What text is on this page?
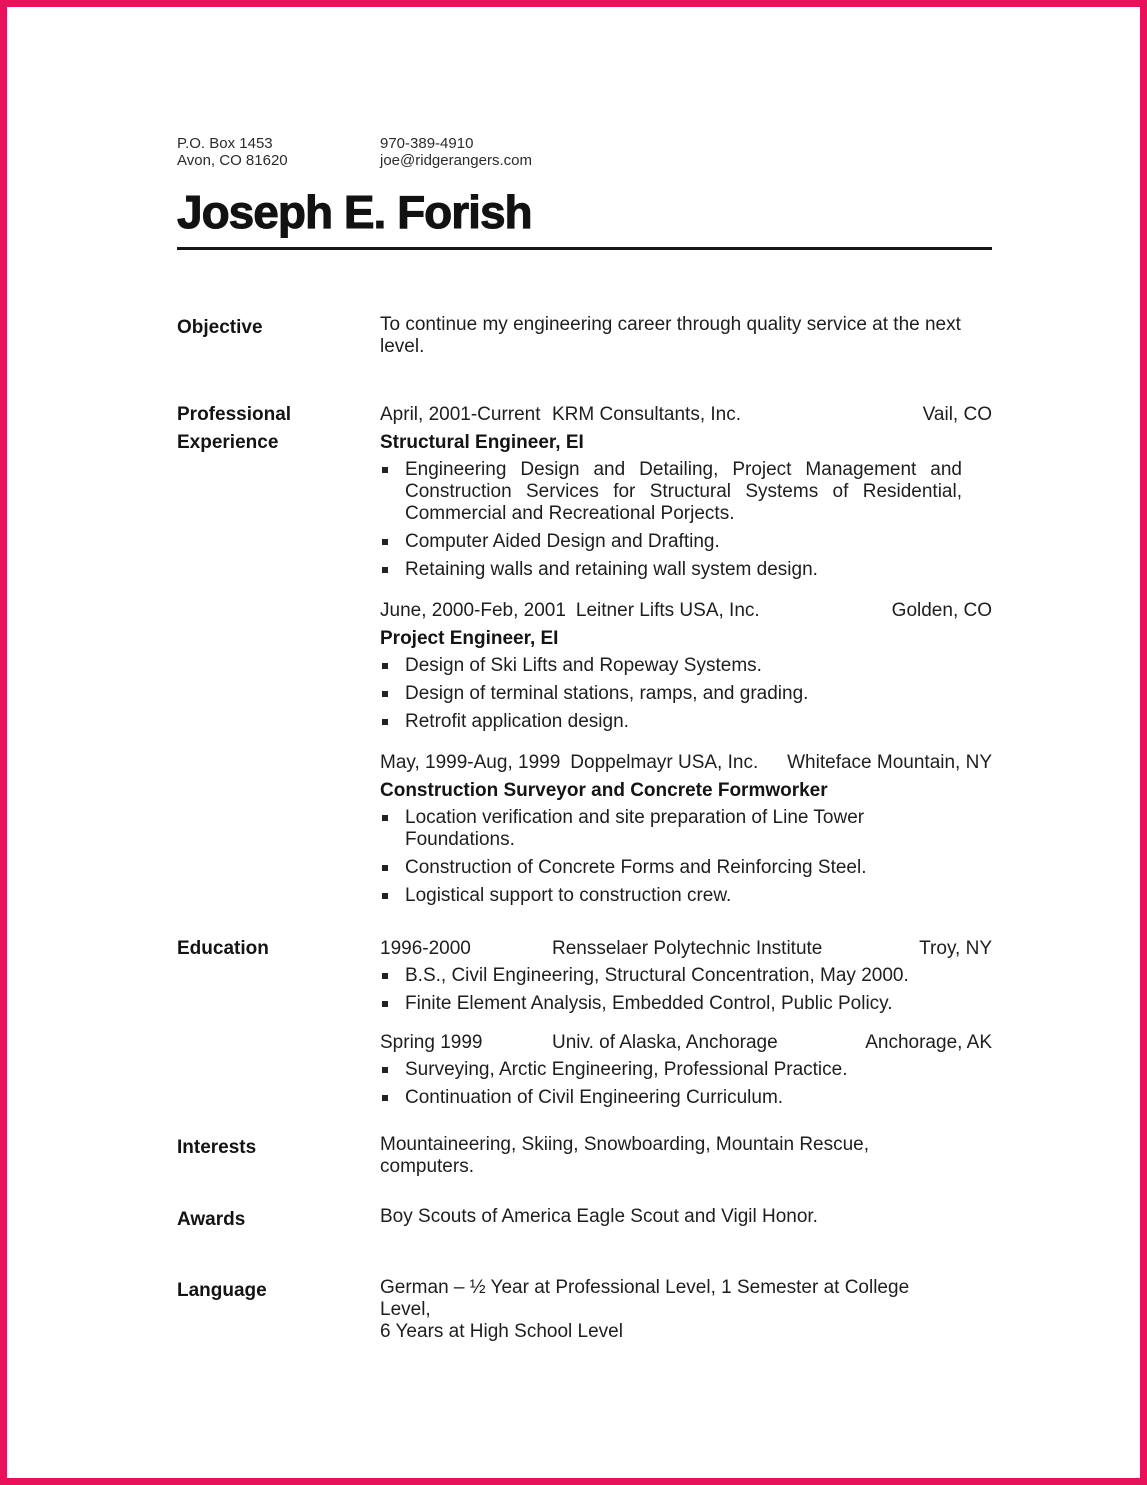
P.O. Box 1453
Avon, CO 81620
970-389-4910
joe@ridgerangers.com
Joseph E. Forish
Objective	To continue my engineering career through quality service at the next level.

Professional Experience
April, 2001-Current KRM Consultants, Inc.	Vail, CO
Structural Engineer, EI
Engineering Design and Detailing, Project Management and Construction Services for Structural Systems of Residential, Commercial and Recreational Porjects.
Computer Aided Design and Drafting.
Retaining walls and retaining wall system design.
June, 2000-Feb, 2001 Leitner Lifts USA, Inc.	Golden, CO
Project Engineer, EI
Design of Ski Lifts and Ropeway Systems.
Design of terminal stations, ramps, and grading.
Retrofit application design.
May, 1999-Aug, 1999 Doppelmayr USA, Inc.	Whiteface Mountain, NY
Construction Surveyor and Concrete Formworker
Location verification and site preparation of Line Tower Foundations.
Construction of Concrete Forms and Reinforcing Steel.
Logistical support to construction crew.
Education	1996-2000	Rensselaer Polytechnic Institute	Troy, NY
B.S., Civil Engineering, Structural Concentration, May 2000.
Finite Element Analysis, Embedded Control, Public Policy.
Spring 1999	Univ. of Alaska, Anchorage	Anchorage, AK
Surveying, Arctic Engineering, Professional Practice.
Continuation of Civil Engineering Curriculum.
Interests	Mountaineering, Skiing, Snowboarding, Mountain Rescue, computers.

Awards	Boy Scouts of America Eagle Scout and Vigil Honor.

Language	German – ½ Year at Professional Level, 1 Semester at College Level,
6 Years at High School Level
